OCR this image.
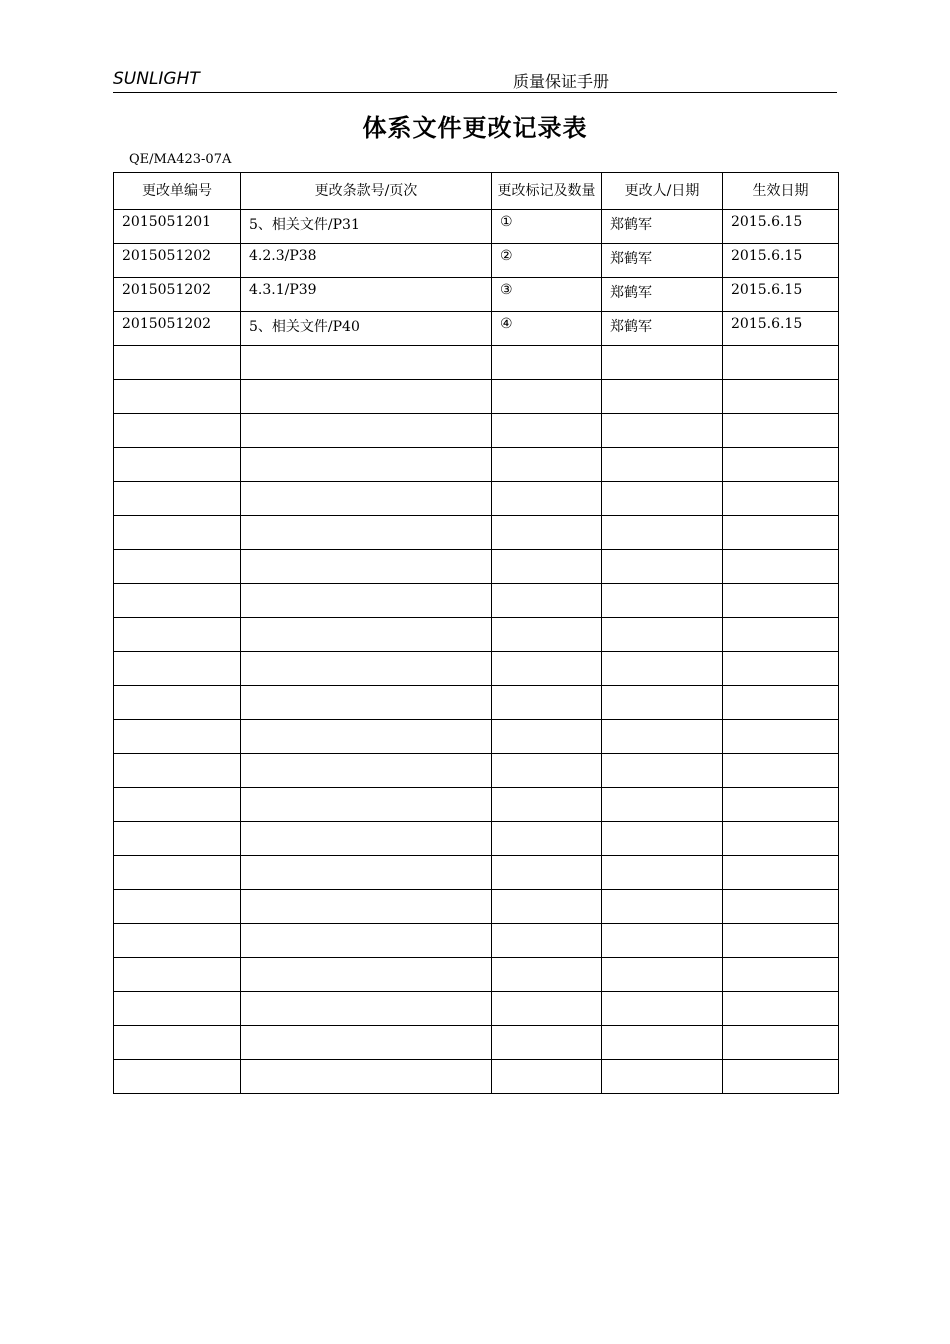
SUNLIGHT	质量保证手册
体系文件更改记录表
QE/MA423-07A
更改单编号	更改条款号/页次	更改标记及数量	更改人/日期	生效日期
2015051201	5、相关文件/P31	①	郑鹤军	2015.6.15
2015051202	4.2.3/P38	②	郑鹤军	2015.6.15
2015051202	4.3.1/P39	③	郑鹤军	2015.6.15
2015051202	5、相关文件/P40	④	郑鹤军	2015.6.15
